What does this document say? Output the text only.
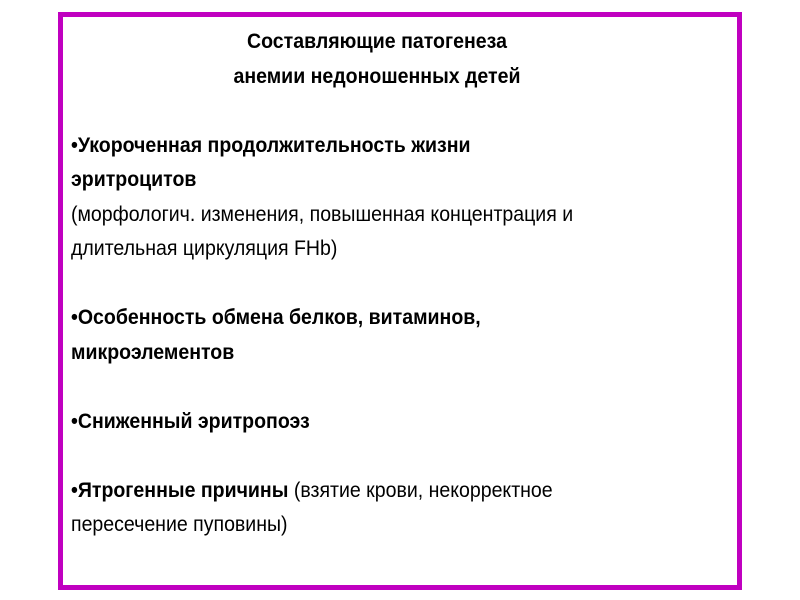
Составляющие патогенеза
анемии недоношенных детей

•Укороченная продолжительность жизни

эритроцитов

(морфологич. изменения, повышенная концентрация и

длительная циркуляция FHb)

•Особенность обмена белков, витаминов,

микроэлементов

•Сниженный эритропоэз

•Ятрогенные причины (взятие крови, некорректное

пересечение пуповины)
